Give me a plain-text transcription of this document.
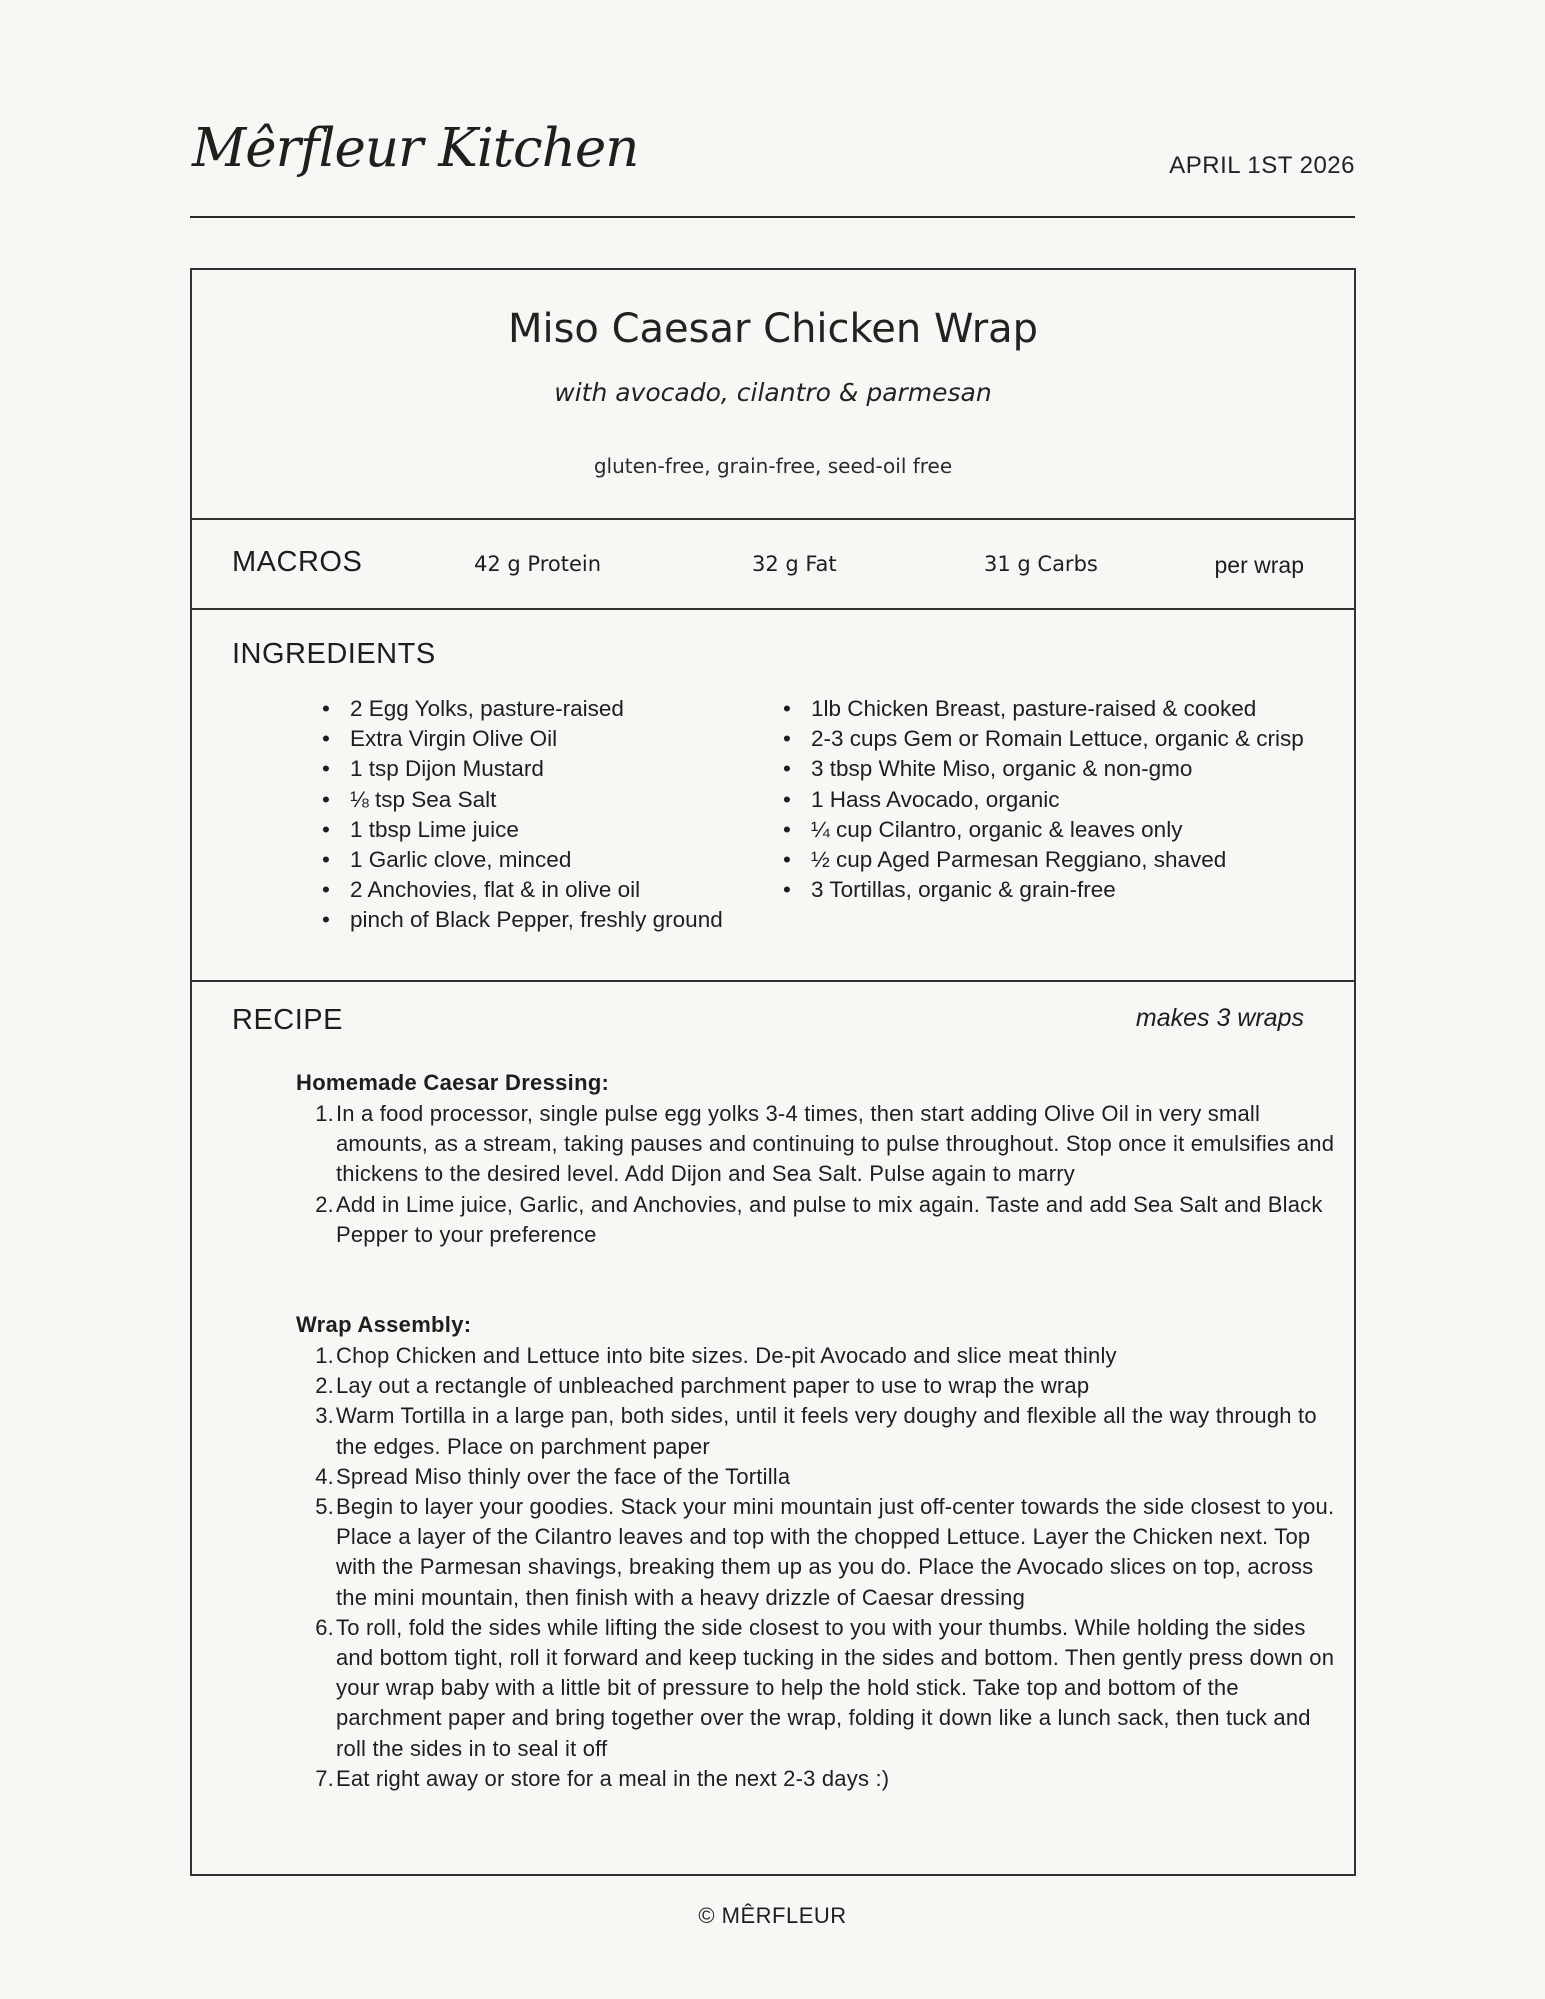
Mêrfleur Kitchen	APRIL 1ST 2026
Miso Caesar Chicken Wrap
with avocado, cilantro & parmesan
gluten-free, grain-free, seed-oil free
MACROS	42 g Protein	32 g Fat	31 g Carbs	per wrap
INGREDIENTS
• 2 Egg Yolks, pasture-raised
• Extra Virgin Olive Oil
• 1 tsp Dijon Mustard
• ⅛ tsp Sea Salt
• 1 tbsp Lime juice
• 1 Garlic clove, minced
• 2 Anchovies, flat & in olive oil
• pinch of Black Pepper, freshly ground
• 1lb Chicken Breast, pasture-raised & cooked
• 2-3 cups Gem or Romain Lettuce, organic & crisp
• 3 tbsp White Miso, organic & non-gmo
• 1 Hass Avocado, organic
• ¼ cup Cilantro, organic & leaves only
• ½ cup Aged Parmesan Reggiano, shaved
• 3 Tortillas, organic & grain-free
RECIPE	makes 3 wraps
Homemade Caesar Dressing:
1. In a food processor, single pulse egg yolks 3-4 times, then start adding Olive Oil in very small amounts, as a stream, taking pauses and continuing to pulse throughout. Stop once it emulsifies and thickens to the desired level. Add Dijon and Sea Salt. Pulse again to marry
2. Add in Lime juice, Garlic, and Anchovies, and pulse to mix again. Taste and add Sea Salt and Black Pepper to your preference
Wrap Assembly:
1. Chop Chicken and Lettuce into bite sizes. De-pit Avocado and slice meat thinly
2. Lay out a rectangle of unbleached parchment paper to use to wrap the wrap
3. Warm Tortilla in a large pan, both sides, until it feels very doughy and flexible all the way through to the edges. Place on parchment paper
4. Spread Miso thinly over the face of the Tortilla
5. Begin to layer your goodies. Stack your mini mountain just off-center towards the side closest to you. Place a layer of the Cilantro leaves and top with the chopped Lettuce. Layer the Chicken next. Top with the Parmesan shavings, breaking them up as you do. Place the Avocado slices on top, across the mini mountain, then finish with a heavy drizzle of Caesar dressing
6. To roll, fold the sides while lifting the side closest to you with your thumbs. While holding the sides and bottom tight, roll it forward and keep tucking in the sides and bottom. Then gently press down on your wrap baby with a little bit of pressure to help the hold stick. Take top and bottom of the parchment paper and bring together over the wrap, folding it down like a lunch sack, then tuck and roll the sides in to seal it off
7. Eat right away or store for a meal in the next 2-3 days :)
© MÊRFLEUR
